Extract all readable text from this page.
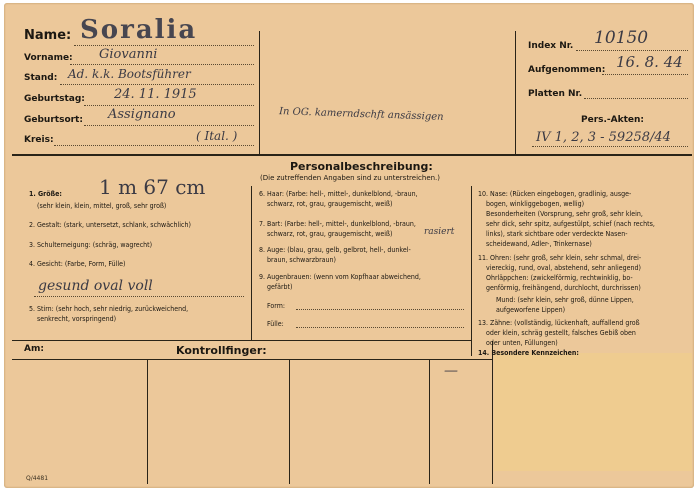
Name: Soralia
Vorname: Giovanni
Stand: Ad. k.k. Bootsführer
Geburtstag: 24. 11. 1915
Geburtsort: Assignano
Kreis:	( Ital. )
In OG. kamerndschft ansässigen
Index Nr. 10150
Aufgenommen: 16. 8. 44
Platten Nr.
Pers.-Akten:
IV 1, 2, 3 - 59258/44
Personalbeschreibung:
(Die zutreffenden Angaben sind zu unterstreichen.)
1. Größe: 1 m 67 cm
(sehr klein, klein, mittel, groß, sehr groß)
2. Gestalt: (stark, untersetzt, schlank, schwächlich)
3. Schulterneigung: (schräg, wagrecht)
4. Gesicht: (Farbe, Form, Fülle)
gesund oval voll
5. Stirn: (sehr hoch, sehr niedrig, zurückweichend,
senkrecht, vorspringend)
6. Haar: (Farbe: hell-, mittel-, dunkelblond, -braun,
schwarz, rot, grau, graugemischt, weiß)
7. Bart: (Farbe: hell-, mittel-, dunkelblond, -braun,
schwarz, rot, grau, graugemischt, weiß)	rasiert
8. Auge: (blau, grau, gelb, gelbrot, hell-, dunkel-
braun, schwarzbraun)
9. Augenbrauen: (wenn vom Kopfhaar abweichend,
gefärbt)
Form:
Fülle:
10. Nase: (Rücken eingebogen, gradlinig, ausge-
bogen, winkliggebogen, wellig)
Besonderheiten (Vorsprung, sehr groß, sehr klein,
sehr dick, sehr spitz, aufgestülpt, schief (nach rechts,
links), stark sichtbare oder verdeckte Nasen-
scheidewand, Adler-, Trinkernase)
11. Ohren: (sehr groß, sehr klein, sehr schmal, drei-
viereckig, rund, oval, abstehend, sehr anliegend)
Ohrläppchen: (zwickelförmig, rechtwinklig, bo-
genförmig, freihängend, durchlocht, durchrissen)
Mund: (sehr klein, sehr groß, dünne Lippen,
aufgeworfene Lippen)
13. Zähne: (vollständig, lückenhaft, auffallend groß
oder klein, schräg gestellt, falsches Gebiß oben
oder unten, Füllungen)
14. Besondere Kennzeichen:
Am:	Kontrollfinger:
—
Q/4481
